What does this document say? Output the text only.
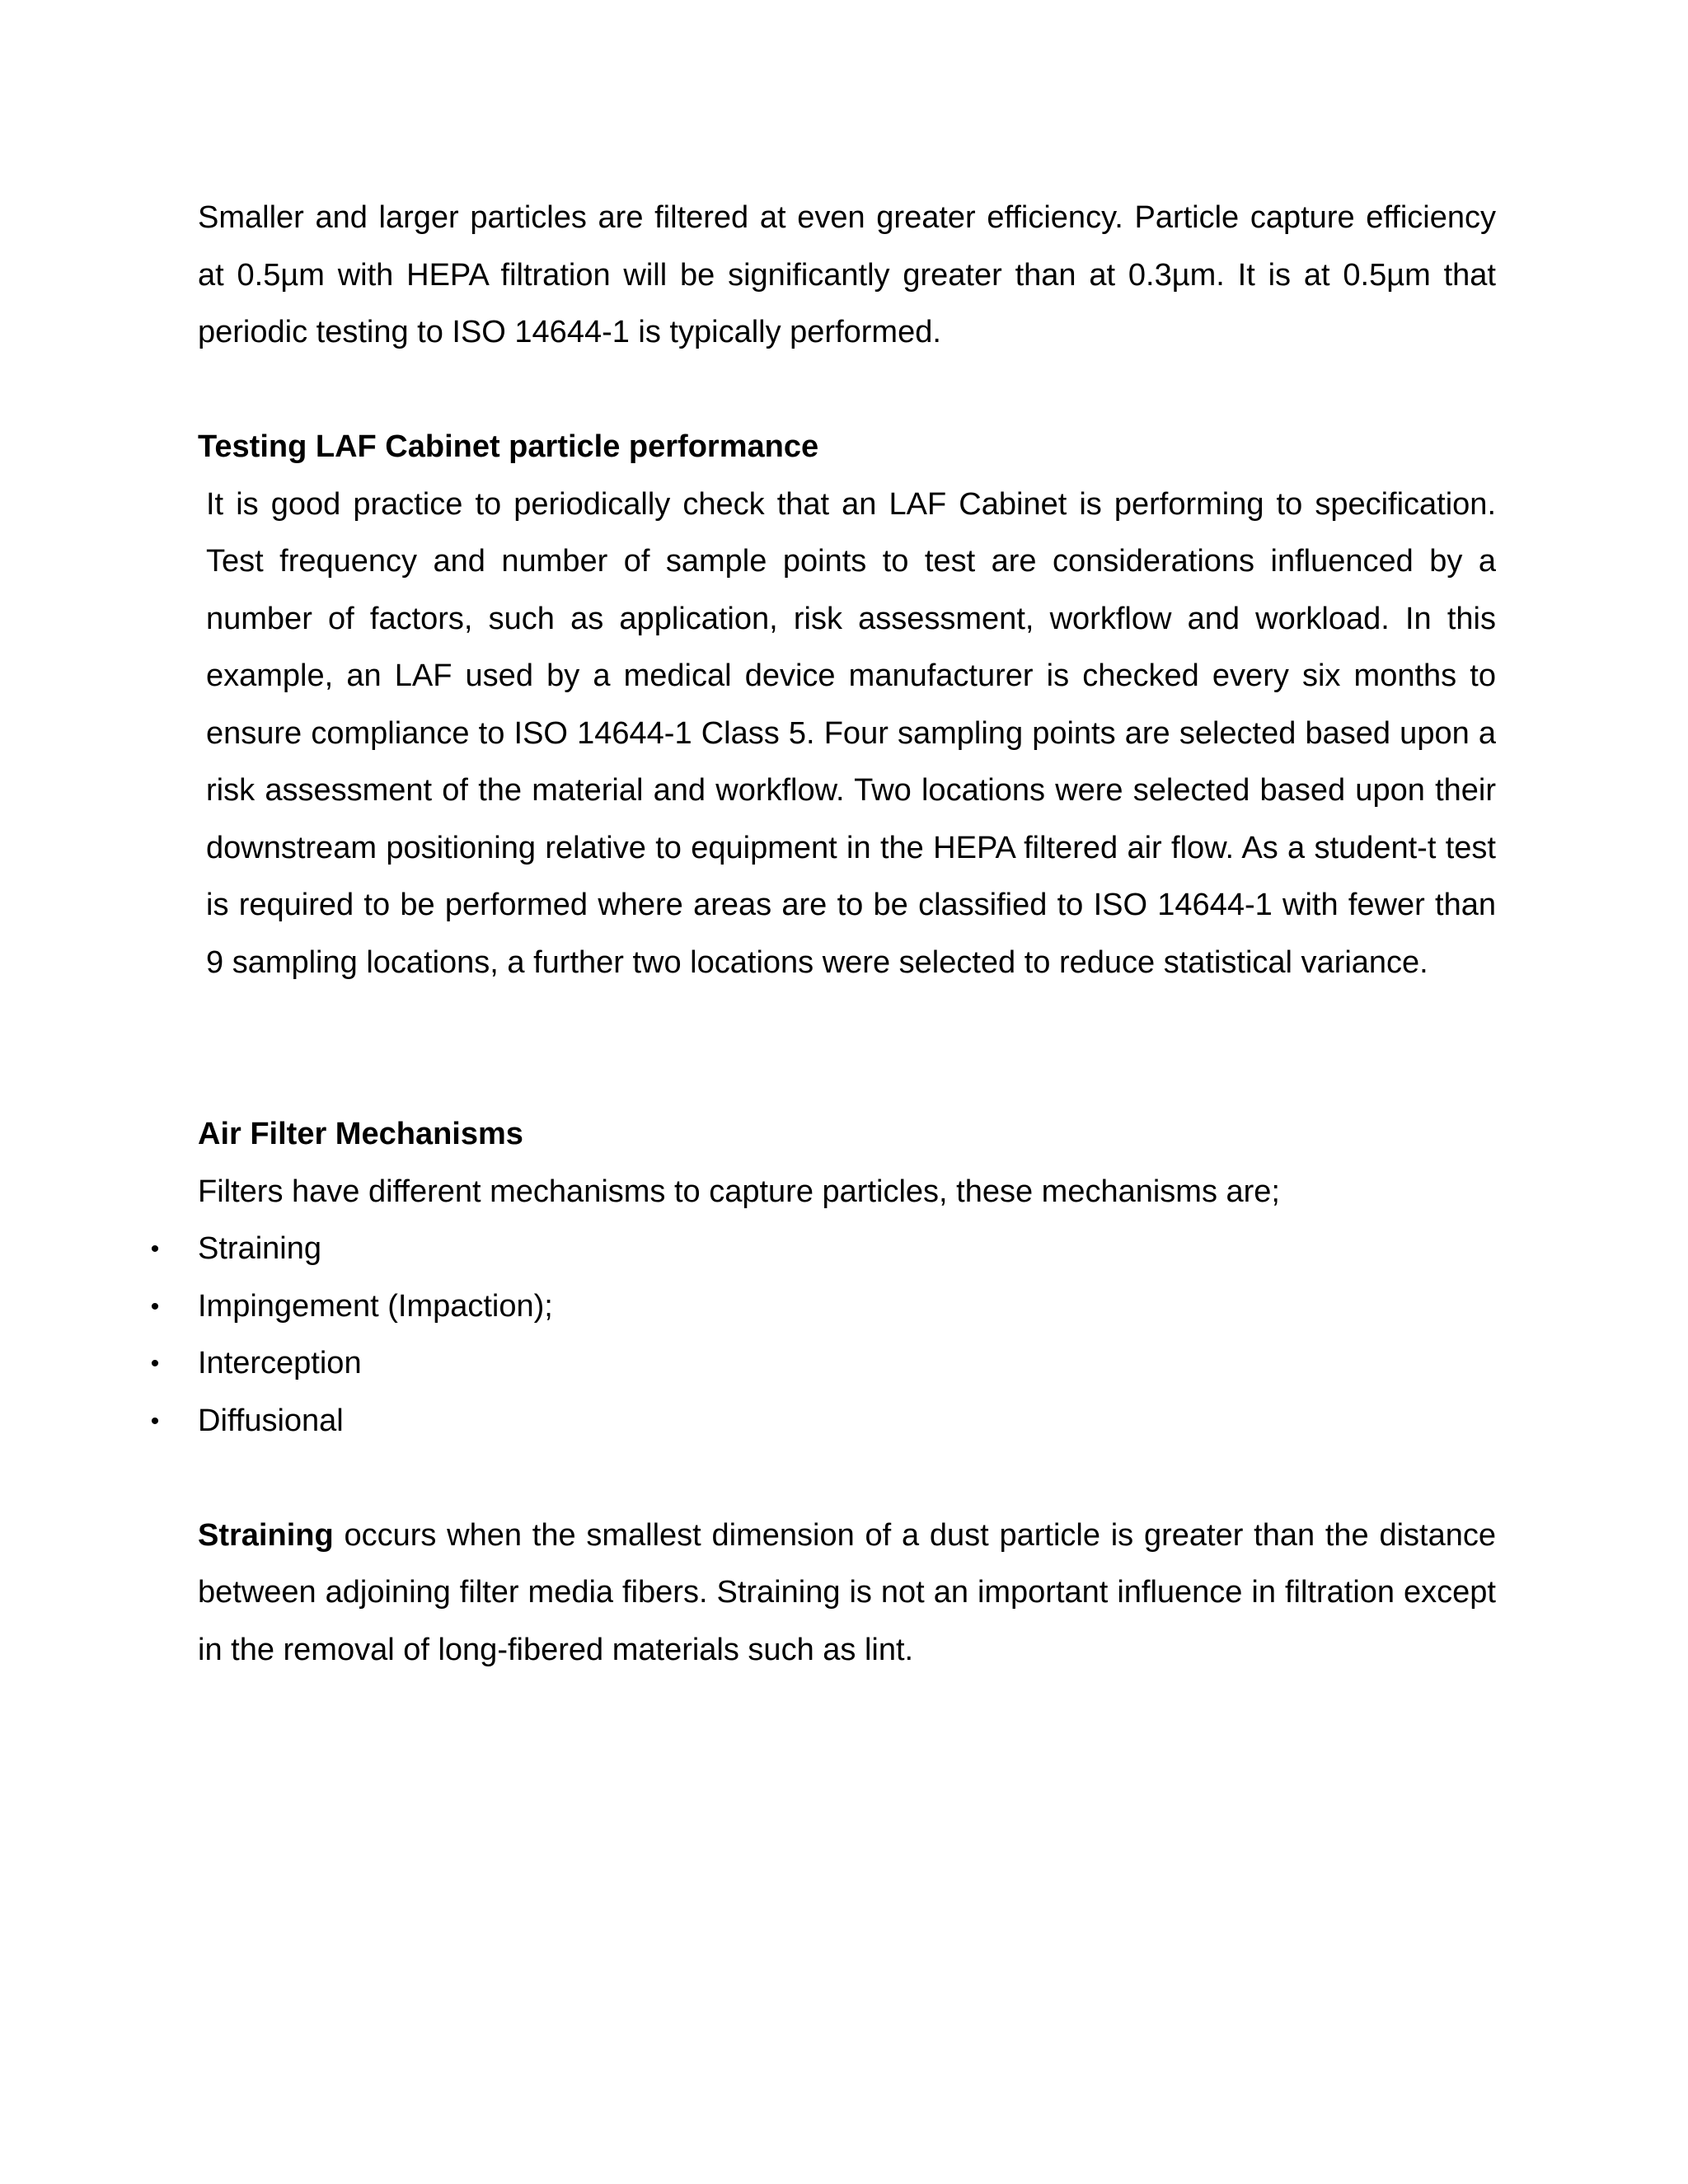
Smaller and larger particles are filtered at even greater efficiency. Particle capture efficiency at 0.5µm with HEPA filtration will be significantly greater than at 0.3µm. It is at 0.5µm that periodic testing to ISO 14644-1 is typically performed.

Testing LAF Cabinet particle performance

It is good practice to periodically check that an LAF Cabinet is performing to specification. Test frequency and number of sample points to test are considerations influenced by a number of factors, such as application, risk assessment, workflow and workload. In this example, an LAF used by a medical device manufacturer is checked every six months to ensure compliance to ISO 14644-1 Class 5. Four sampling points are selected based upon a risk assessment of the material and workflow. Two locations were selected based upon their downstream positioning relative to equipment in the HEPA filtered air flow. As a student-t test is required to be performed where areas are to be classified to ISO 14644-1 with fewer than 9 sampling locations, a further two locations were selected to reduce statistical variance.

Air Filter Mechanisms

Filters have different mechanisms to capture particles, these mechanisms are;

• Straining
• Impingement (Impaction);
• Interception
• Diffusional

Straining occurs when the smallest dimension of a dust particle is greater than the distance between adjoining filter media fibers. Straining is not an important influence in filtration except in the removal of long-fibered materials such as lint.
